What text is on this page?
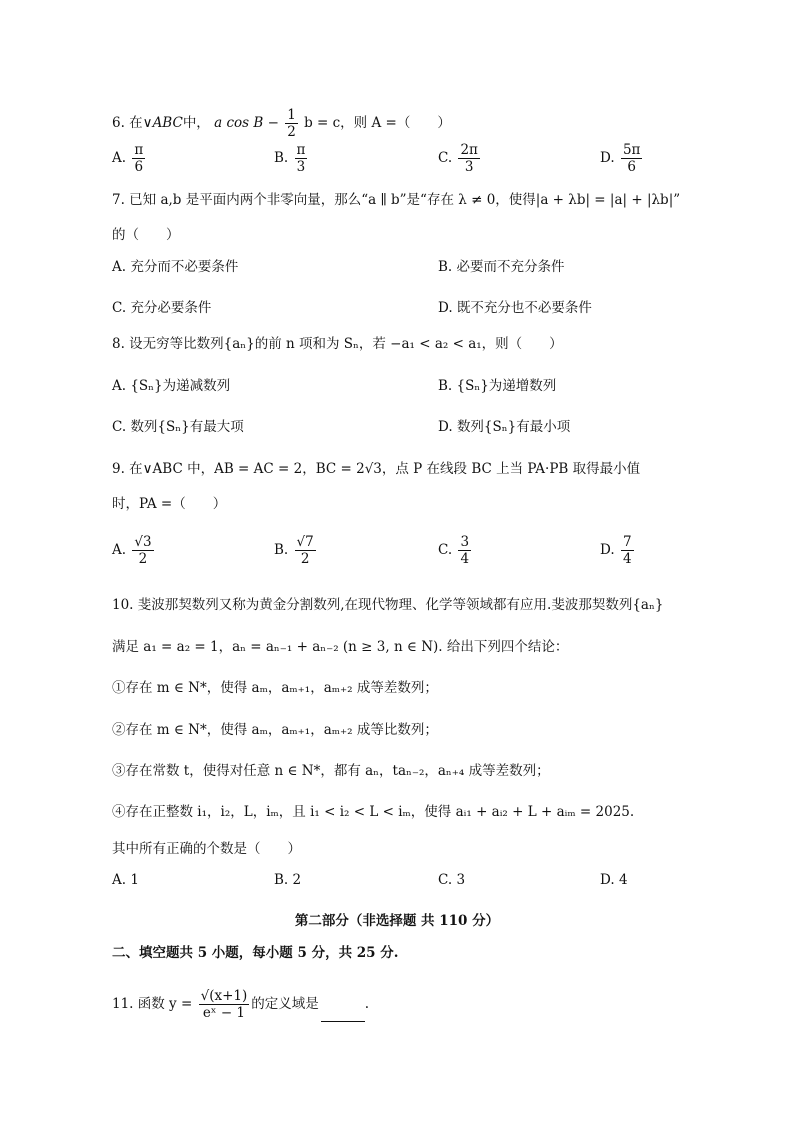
6. 在∨ABC中， a $\cos B - \frac{1}{2}$ b = c，则 A =（　　）
A. $\frac{\pi}{6}$	B. $\frac{\pi}{3}$	C. $\frac{2\pi}{3}$	D. $\frac{5\pi}{6}$
7. 已知 a,b 是平面内两个非零向量，那么“a ∥ b”是“存在 λ ≠ 0，使得|a + λb| = |a| + |λb|”
的（　　）
A. 充分而不必要条件	B. 必要而不充分条件
C. 充分必要条件	D. 既不充分也不必要条件
8. 设无穷等比数列{aₙ}的前 n 项和为 Sₙ，若 −a₁ < a₂ < a₁，则（　　）
A. {Sₙ}为递减数列	B. {Sₙ}为递增数列
C. 数列{Sₙ}有最大项	D. 数列{Sₙ}有最小项
9. 在∨ABC 中，AB = AC = 2，BC = 2√3，点 P 在线段 BC 上当 PA·PB 取得最小值
时，PA =（　　）
A. $\frac{√3}{2}$	B. $\frac{√7}{2}$	C. $\frac{3}{4}$	D. $\frac{7}{4}$
10. 斐波那契数列又称为黄金分割数列,在现代物理、化学等领域都有应用.斐波那契数列{aₙ}
满足 a₁ = a₂ = 1，aₙ = aₙ₋₁ + aₙ₋₂ (n ≥ 3, n ∈ N). 给出下列四个结论：
①存在 m ∈ N*，使得 aₘ，aₘ₊₁，aₘ₊₂ 成等差数列；
②存在 m ∈ N*，使得 aₘ，aₘ₊₁，aₘ₊₂ 成等比数列；
③存在常数 t，使得对任意 n ∈ N*，都有 aₙ，taₙ₋₂，aₙ₊₄ 成等差数列；
④存在正整数 i₁，i₂，L，iₘ，且 i₁ < i₂ < L < iₘ，使得 aᵢ₁ + aᵢ₂ + L + aᵢₘ = 2025.
其中所有正确的个数是（　　）
A. 1	B. 2	C. 3	D. 4
第二部分（非选择题 共 110 分）
二、填空题共 5 小题，每小题 5 分，共 25 分.
11. 函数 $y = \frac{√(x+1)}{\text{eˣ − 1}}$ 的定义域是	.
